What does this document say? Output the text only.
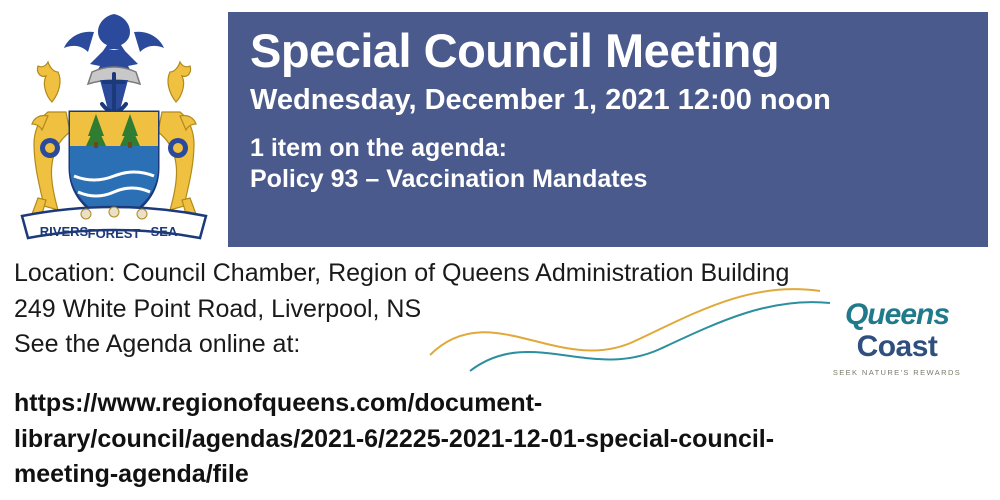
RIVERS FOREST SEA
Special Council Meeting
Wednesday, December 1, 2021 12:00 noon
1 item on the agenda:
Policy 93 – Vaccination Mandates
Queens
Coast
SEEK NATURE'S REWARDS
Location: Council Chamber, Region of Queens Administration Building
249 White Point Road, Liverpool, NS
See the Agenda online at:
https://www.regionofqueens.com/document-
library/council/agendas/2021-6/2225-2021-12-01-special-council-
meeting-agenda/file
